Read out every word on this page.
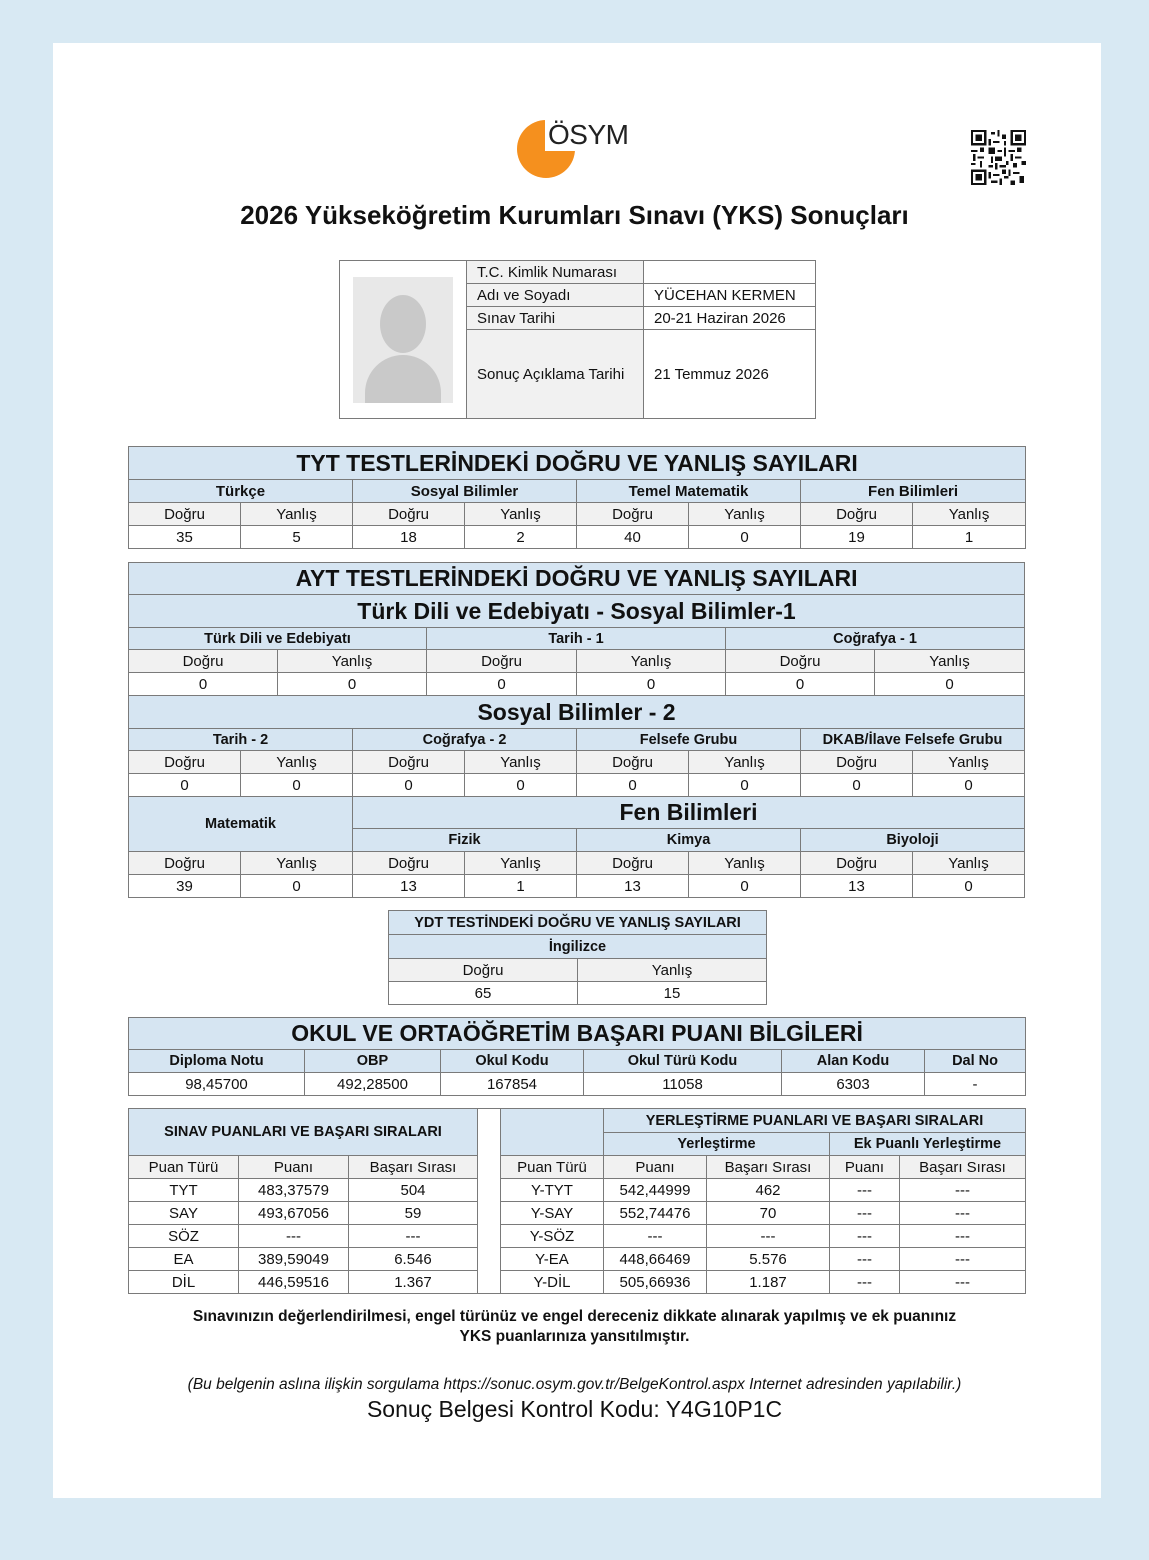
ÖSYM
2026 Yükseköğretim Kurumları Sınavı (YKS) Sonuçları
	T.C. Kimlik Numarası	
	Adı ve Soyadı	YÜCEHAN KERMEN
	Sınav Tarihi	20-21 Haziran 2026
	Sonuç Açıklama Tarihi	21 Temmuz 2026
TYT TESTLERİNDEKİ DOĞRU VE YANLIŞ SAYILARI							
Türkçe		Sosyal Bilimler		Temel Matematik		Fen Bilimleri	
Doğru	Yanlış	Doğru	Yanlış	Doğru	Yanlış	Doğru	Yanlış
35	5	18	2	40	0	19	1
AYT TESTLERİNDEKİ DOĞRU VE YANLIŞ SAYILARI											
Türk Dili ve Edebiyatı - Sosyal Bilimler-1											
Türk Dili ve Edebiyatı				Tarih - 1				Coğrafya - 1			
Doğru		Yanlış		Doğru		Yanlış		Doğru		Yanlış	
0		0		0		0		0		0	
Sosyal Bilimler - 2											
Tarih - 2			Coğrafya - 2			Felsefe Grubu			DKAB/İlave Felsefe Grubu		
Doğru	Yanlış		Doğru		Yanlış	Doğru	Yanlış		Doğru		Yanlış
0	0		0		0	0	0		0		0
Matematik			Fen Bilimleri								
			Fizik			Kimya			Biyoloji		
Doğru	Yanlış		Doğru		Yanlış	Doğru	Yanlış		Doğru		Yanlış
39	0		13		1	13	0		13		0
YDT TESTİNDEKİ DOĞRU VE YANLIŞ SAYILARI	
İngilizce	
Doğru	Yanlış
65	15
OKUL VE ORTAÖĞRETİM BAŞARI PUANI BİLGİLERİ					
Diploma Notu	OBP	Okul Kodu	Okul Türü Kodu	Alan Kodu	Dal No
98,45700	492,28500	167854	11058	6303	-
SINAV PUANLARI VE BAŞARI SIRALARI		
Puan Türü	Puanı	Başarı Sırası
TYT	483,37579	504
SAY	493,67056	59
SÖZ	---	---
EA	389,59049	6.546
DİL	446,59516	1.367
	YERLEŞTİRME PUANLARI VE BAŞARI SIRALARI			
	Yerleştirme		Ek Puanlı Yerleştirme	
Puan Türü	Puanı	Başarı Sırası	Puanı	Başarı Sırası
Y-TYT	542,44999	462	---	---
Y-SAY	552,74476	70	---	---
Y-SÖZ	---	---	---	---
Y-EA	448,66469	5.576	---	---
Y-DİL	505,66936	1.187	---	---
Sınavınızın değerlendirilmesi, engel türünüz ve engel dereceniz dikkate alınarak yapılmış ve ek puanınız
YKS puanlarınıza yansıtılmıştır.
(Bu belgenin aslına ilişkin sorgulama https://sonuc.osym.gov.tr/BelgeKontrol.aspx Internet adresinden yapılabilir.)
Sonuç Belgesi Kontrol Kodu: Y4G10P1C
